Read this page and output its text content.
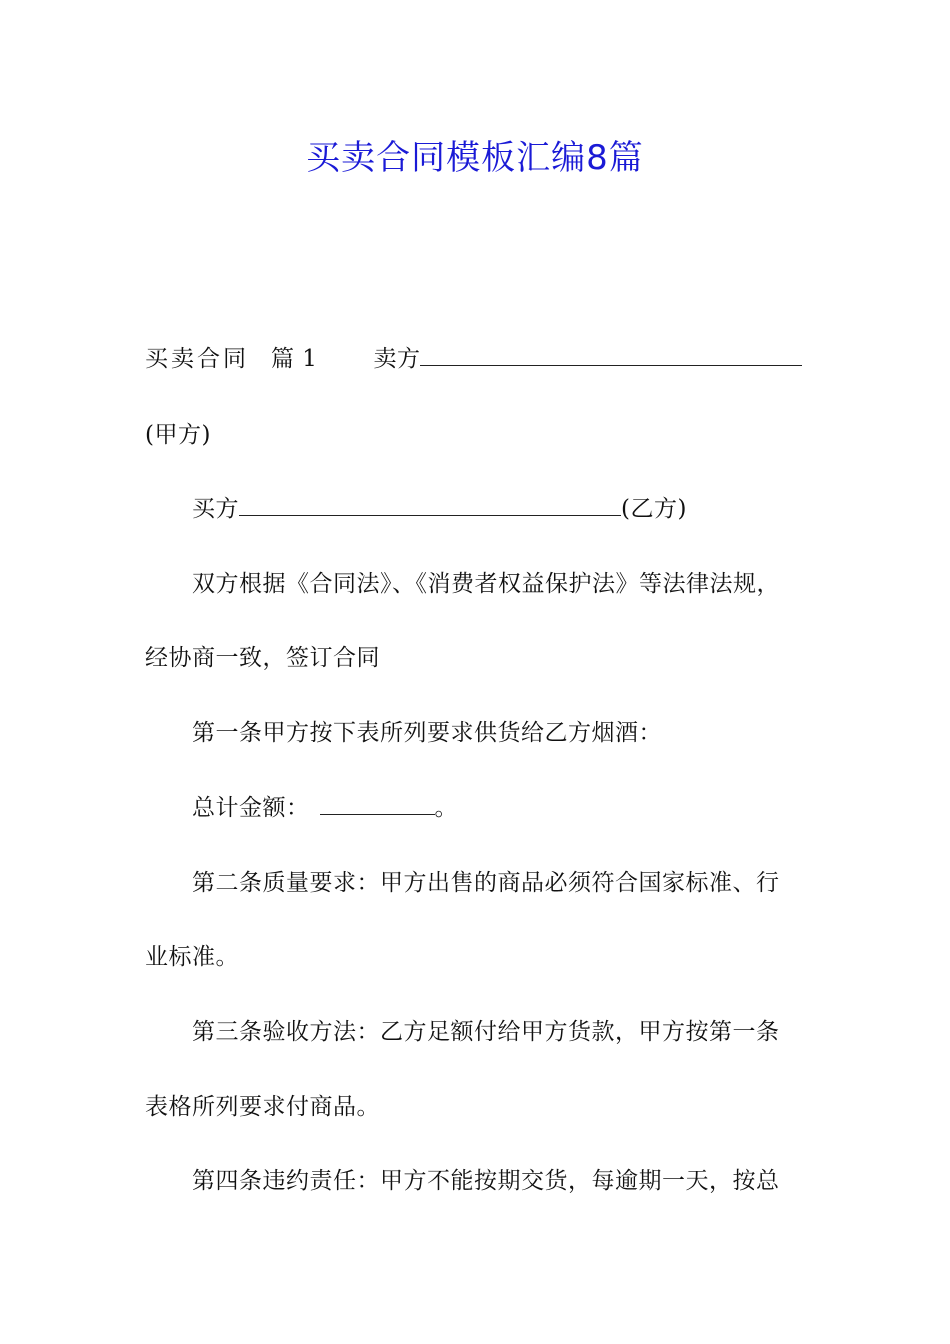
买卖合同模板汇编8篇
买卖合同 篇 1 卖方
(甲方)
买方	(乙方)
双方根据《合同法》、《消费者权益保护法》等法律法规，
经协商一致，签订合同
第一条甲方按下表所列要求供货给乙方烟酒：
总计金额：	。
第二条质量要求：甲方出售的商品必须符合国家标准、行
业标准。
第三条验收方法：乙方足额付给甲方货款，甲方按第一条
表格所列要求付商品。
第四条违约责任：甲方不能按期交货，每逾期一天，按总
